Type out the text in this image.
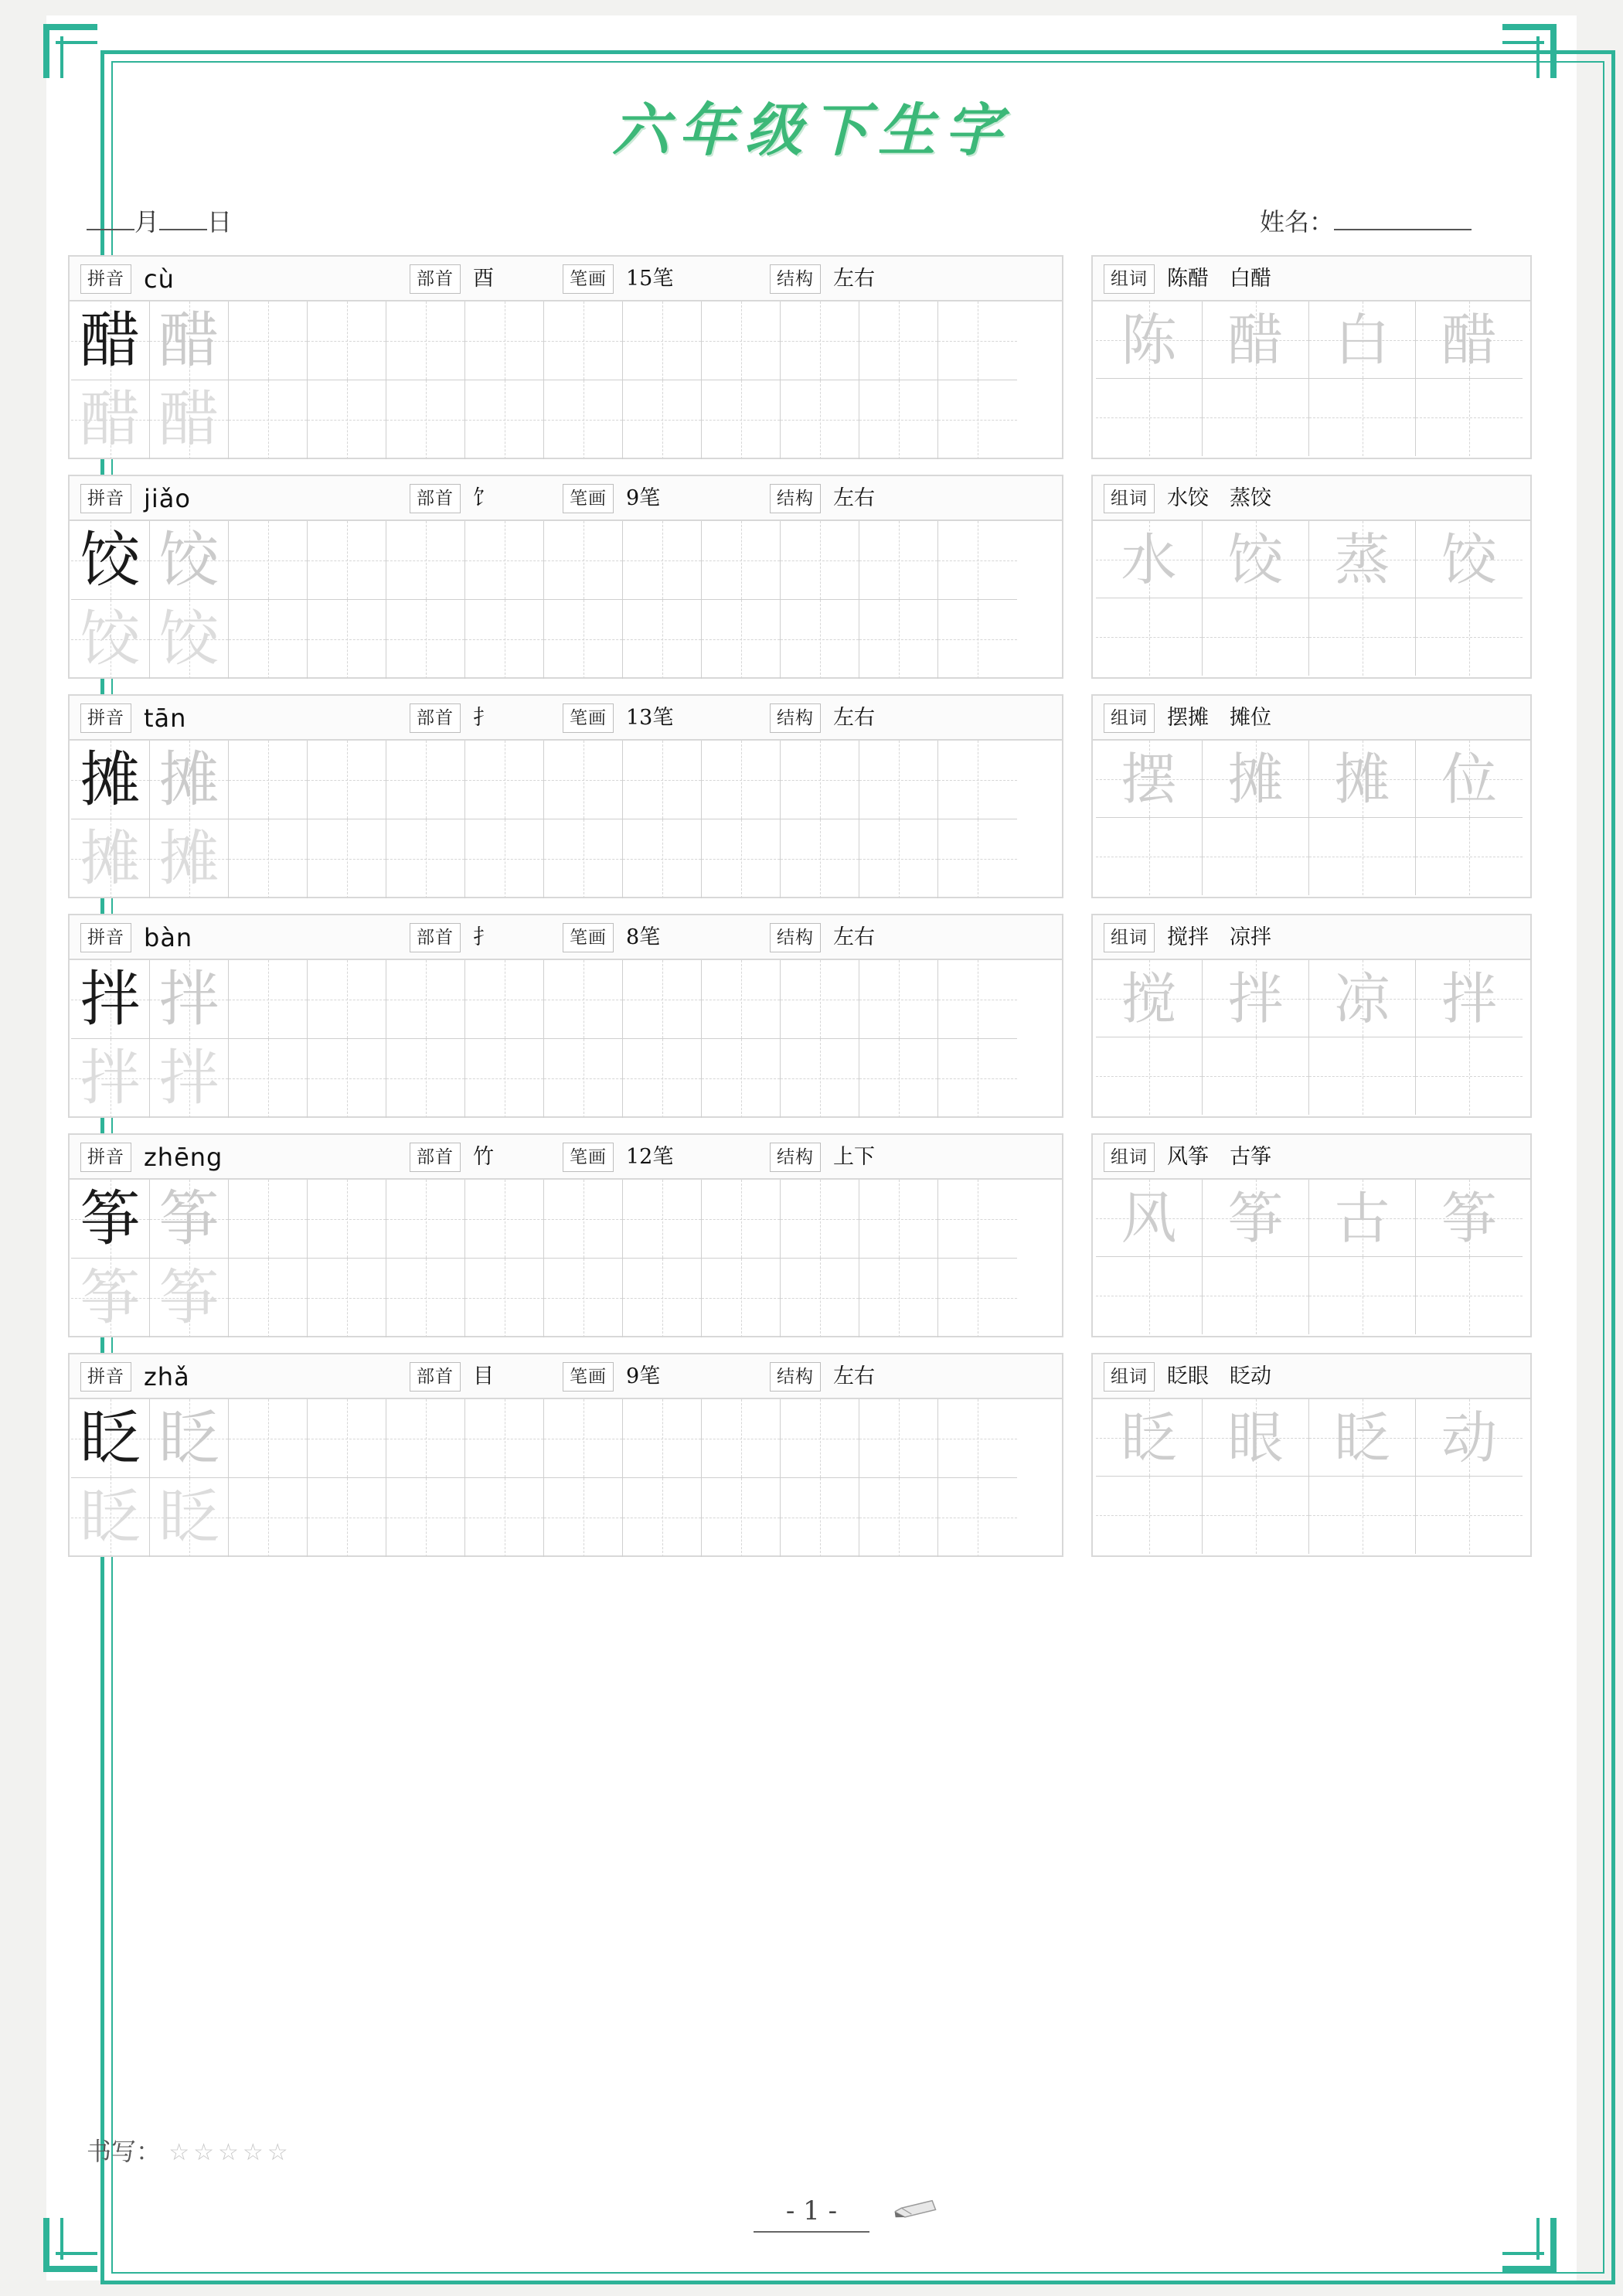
六年级下生字
月 日	姓名：
拼音 cù	部首 酉	笔画 15笔	结构 左右
醋 醋
醋 醋
组词 陈醋　白醋
陈 醋 白 醋
拼音 jiǎo	部首 饣	笔画 9笔	结构 左右
饺 饺
饺 饺
组词 水饺　蒸饺
水 饺 蒸 饺
拼音 tān	部首 扌	笔画 13笔	结构 左右
摊 摊
摊 摊
组词 摆摊　摊位
摆 摊 摊 位
拼音 bàn	部首 扌	笔画 8笔	结构 左右
拌 拌
拌 拌
组词 搅拌　凉拌
搅 拌 凉 拌
拼音 zhēng	部首 竹	笔画 12笔	结构 上下
筝 筝
筝 筝
组词 风筝　古筝
风 筝 古 筝
拼音 zhǎ	部首 目	笔画 9笔	结构 左右
眨 眨
眨 眨
组词 眨眼　眨动
眨 眼 眨 动
书写： ☆☆☆☆☆
- 1 -
